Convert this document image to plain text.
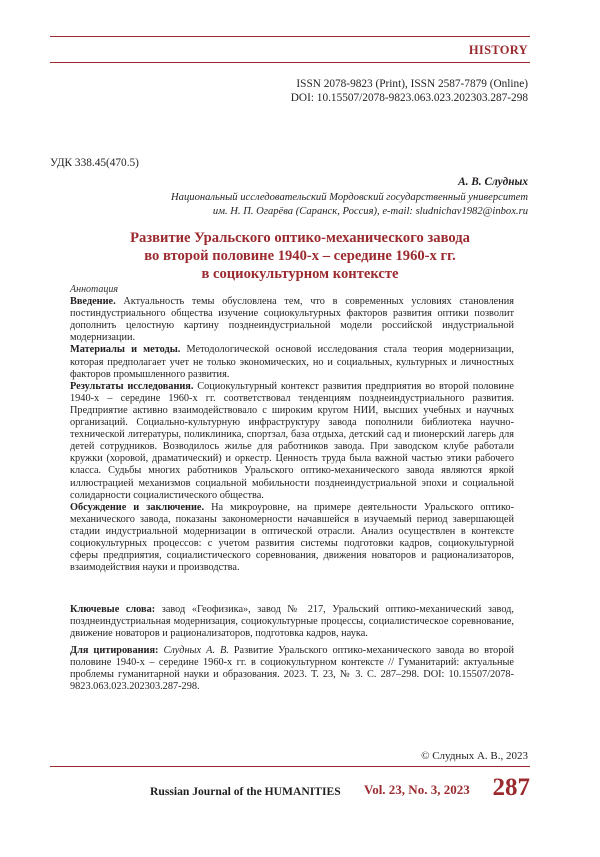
HISTORY
ISSN 2078-9823 (Print), ISSN 2587-7879 (Online)
DOI: 10.15507/2078-9823.063.023.202303.287-298
УДК 338.45(470.5)
А. В. Слудных
Национальный исследовательский Мордовский государственный университет
им. Н. П. Огарёва (Саранск, Россия), e-mail: sludnichav1982@inbox.ru
Развитие Уральского оптико-механического завода
во второй половине 1940-х – середине 1960-х гг.
в социокультурном контексте
Аннотация

Введение. Актуальность темы обусловлена тем, что в современных условиях становления постиндустриального общества изучение социокультурных факторов развития оптики позволит дополнить целостную картину позднеиндустриальной модели российской индустриальной модернизации.

Материалы и методы. Методологической основой исследования стала теория модернизации, которая предполагает учет не только экономических, но и социальных, культурных и личностных факторов промышленного развития.

Результаты исследования. Социокультурный контекст развития предприятия во второй половине 1940-х – середине 1960-х гг. соответствовал тенденциям позднеиндустриального развития. Предприятие активно взаимодействовало с широким кругом НИИ, высших учебных и научных организаций. Социально-культурную инфраструктуру завода пополнили библиотека научно-технической литературы, поликлиника, спортзал, база отдыха, детский сад и пионерский лагерь для детей сотрудников. Возводилось жилье для работников завода. При заводском клубе работали кружки (хоровой, драматический) и оркестр. Ценность труда была важной частью этики рабочего класса. Судьбы многих работников Уральского оптико-механического завода являются яркой иллюстрацией механизмов социальной мобильности позднеиндустриальной эпохи и социальной солидарности социалистического общества.

Обсуждение и заключение. На микроуровне, на примере деятельности Уральского оптико-механического завода, показаны закономерности начавшейся в изучаемый период завершающей стадии индустриальной модернизации в оптической отрасли. Анализ осуществлен в контексте социокультурных процессов: с учетом развития системы подготовки кадров, социокультурной сферы предприятия, социалистического соревнования, движения новаторов и рационализаторов, взаимодействия науки и производства.

Ключевые слова: завод «Геофизика», завод № 217, Уральский оптико-механический завод, позднеиндустриальная модернизация, социокультурные процессы, социалистическое соревнование, движение новаторов и рационализаторов, подготовка кадров, наука.
Для цитирования: Слудных А. В. Развитие Уральского оптико-механического завода во второй половине 1940-х – середине 1960-х гг. в социокультурном контексте // Гуманитарий: актуальные проблемы гуманитарной науки и образования. 2023. Т. 23, № 3. С. 287–298. DOI: 10.15507/2078-9823.063.023.202303.287-298.
© Слудных А. В., 2023
Russian Journal of the HUMANITIES Vol. 23, No. 3, 2023 287
